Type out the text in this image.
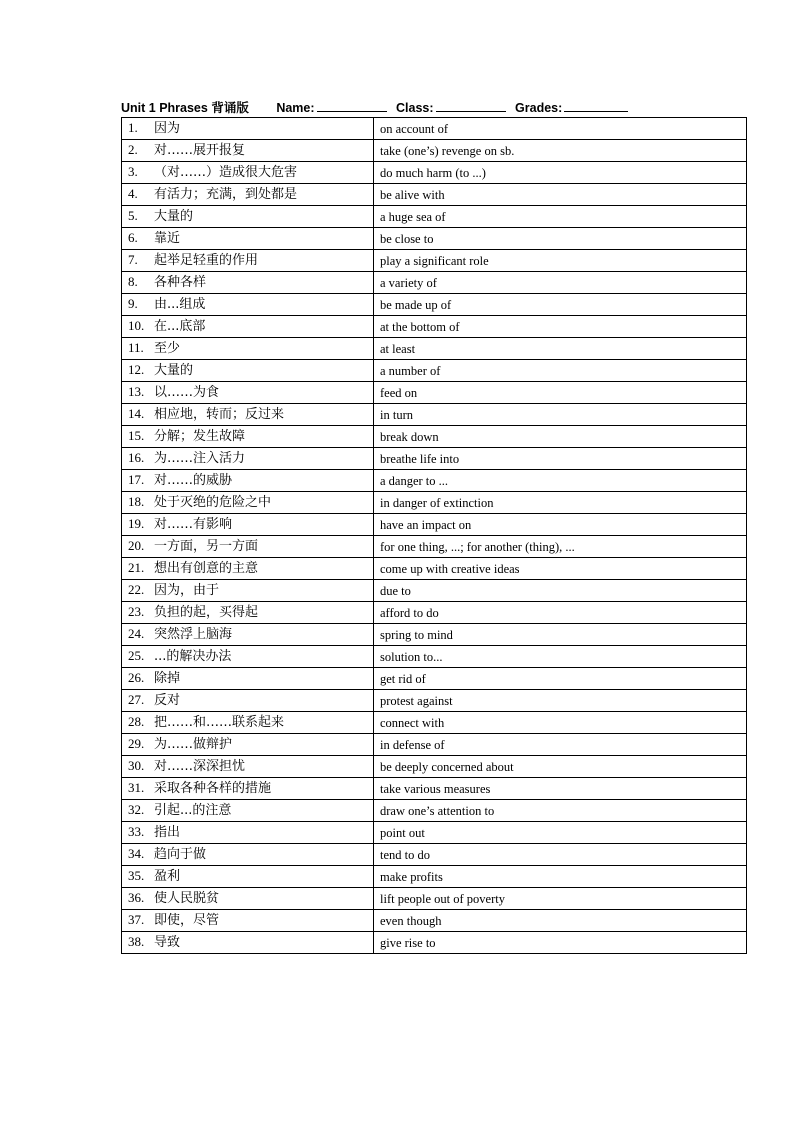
Unit 1 Phrases 背诵版 Name:	Class:	Grades:
1. 因为	on account of
2. 对……展开报复	take (one’s) revenge on sb.
3. （对……）造成很大危害	do much harm (to ...)
4. 有活力；充满，到处都是	be alive with
5. 大量的	a huge sea of
6. 靠近	be close to
7. 起举足轻重的作用	play a significant role
8. 各种各样	a variety of
9. 由...组成	be made up of
10. 在...底部	at the bottom of
11. 至少	at least
12. 大量的	a number of
13. 以……为食	feed on
14. 相应地，转而；反过来	in turn
15. 分解；发生故障	break down
16. 为……注入活力	breathe life into
17. 对……的威胁	a danger to ...
18. 处于灭绝的危险之中	in danger of extinction
19. 对……有影响	have an impact on
20. 一方面，另一方面	for one thing, ...; for another (thing), ...
21. 想出有创意的主意	come up with creative ideas
22. 因为，由于	due to
23. 负担的起，买得起	afford to do
24. 突然浮上脑海	spring to mind
25. ...的解决办法	solution to...
26. 除掉	get rid of
27. 反对	protest against
28. 把……和……联系起来	connect with
29. 为……做辩护	in defense of
30. 对……深深担忧	be deeply concerned about
31. 采取各种各样的措施	take various measures
32. 引起...的注意	draw one’s attention to
33. 指出	point out
34. 趋向于做	tend to do
35. 盈利	make profits
36. 使人民脱贫	lift people out of poverty
37. 即使，尽管	even though
38. 导致	give rise to
